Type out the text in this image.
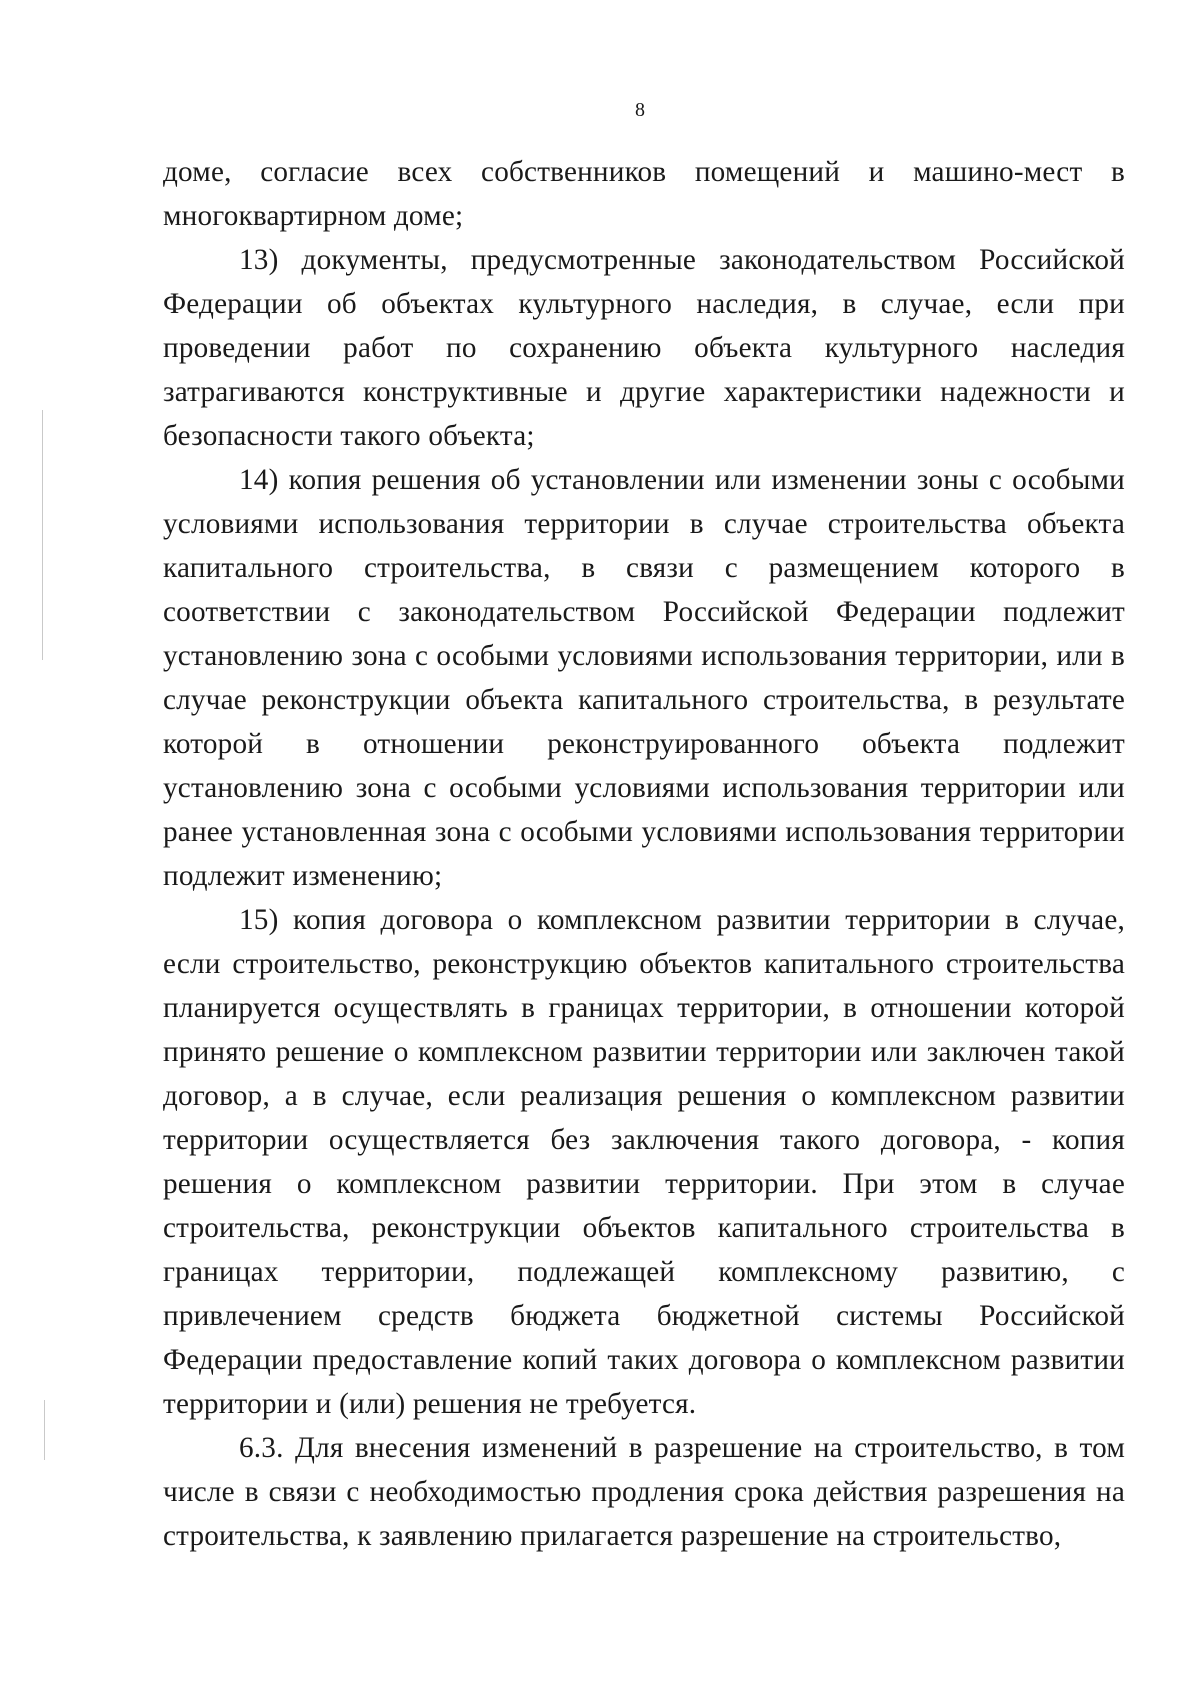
8

доме, согласие всех собственников помещений и машино-мест в многоквартирном доме;

13) документы, предусмотренные законодательством Российской Федерации об объектах культурного наследия, в случае, если при проведении работ по сохранению объекта культурного наследия затрагиваются конструктивные и другие характеристики надежности и безопасности такого объекта;

14) копия решения об установлении или изменении зоны с особыми условиями использования территории в случае строительства объекта капитального строительства, в связи с размещением которого в соответствии с законодательством Российской Федерации подлежит установлению зона с особыми условиями использования территории, или в случае реконструкции объекта капитального строительства, в результате которой в отношении реконструированного объекта подлежит установлению зона с особыми условиями использования территории или ранее установленная зона с особыми условиями использования территории подлежит изменению;

15) копия договора о комплексном развитии территории в случае, если строительство, реконструкцию объектов капитального строительства планируется осуществлять в границах территории, в отношении которой принято решение о комплексном развитии территории или заключен такой договор, а в случае, если реализация решения о комплексном развитии территории осуществляется без заключения такого договора, - копия решения о комплексном развитии территории. При этом в случае строительства, реконструкции объектов капитального строительства в границах территории, подлежащей комплексному развитию, с привлечением средств бюджета бюджетной системы Российской Федерации предоставление копий таких договора о комплексном развитии территории и (или) решения не требуется.

6.3. Для внесения изменений в разрешение на строительство, в том числе в связи с необходимостью продления срока действия разрешения на строительства, к заявлению прилагается разрешение на строительство,
